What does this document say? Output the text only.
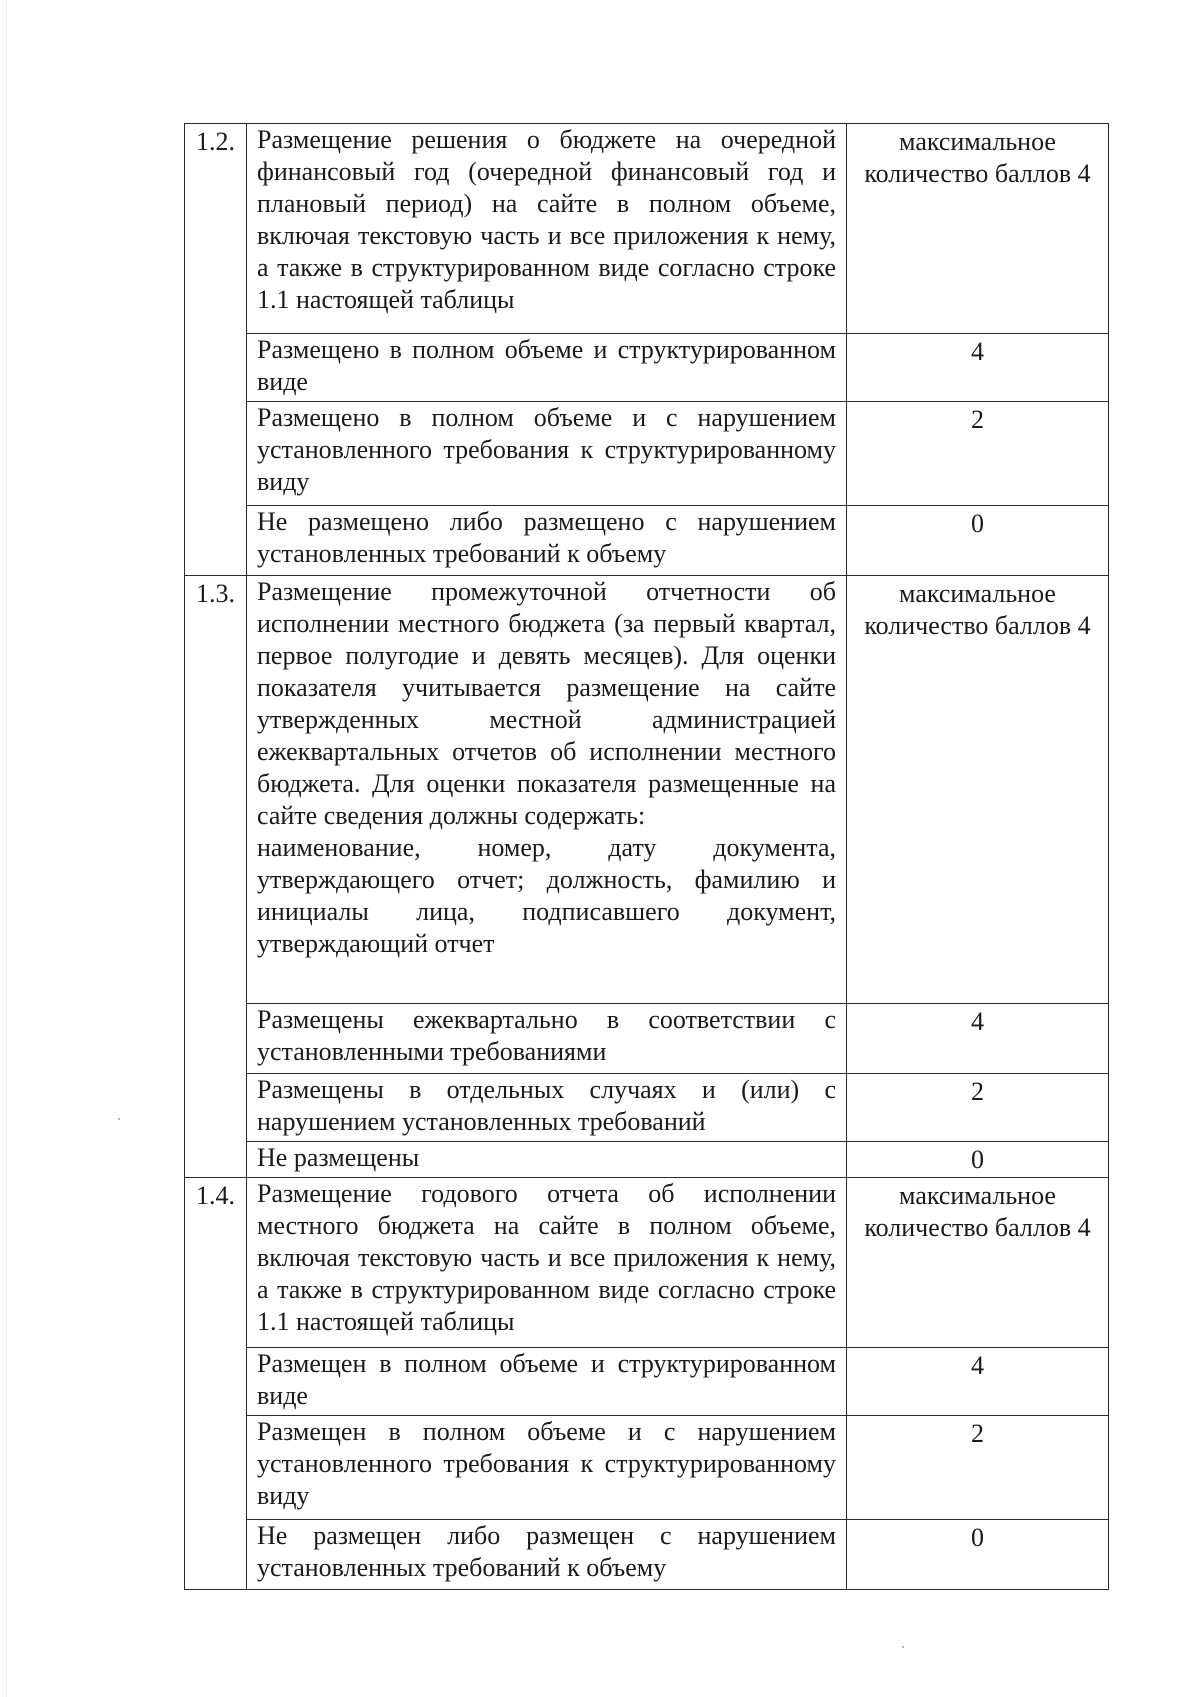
1.2.	Размещение решения о бюджете на очередной финансовый год (очередной финансовый год и плановый период) на сайте в полном объеме, включая текстовую часть и все приложения к нему, а также в структурированном виде согласно строке 1.1 настоящей таблицы	максимальное
количество баллов 4

	Размещено в полном объеме и структурированном виде	4
	Размещено в полном объеме и с нарушением установленного требования к структурированному виду	2
	Не размещено либо размещено с нарушением установленных требований к объему	0
1.3.	Размещение промежуточной отчетности об исполнении местного бюджета (за первый квартал, первое полугодие и девять месяцев). Для оценки показателя учитывается размещение на сайте утвержденных местной администрацией ежеквартальных отчетов об исполнении местного бюджета. Для оценки показателя размещенные на сайте сведения должны содержать:
наименование, номер, дату документа, утверждающего отчет; должность, фамилию и инициалы лица, подписавшего документ, утверждающий отчет	максимальное
количество баллов 4

	Размещены ежеквартально в соответствии с установленными требованиями	4
	Размещены в отдельных случаях и (или) с нарушением установленных требований	2
	Не размещены	0
1.4.	Размещение годового отчета об исполнении местного бюджета на сайте в полном объеме, включая текстовую часть и все приложения к нему, а также в структурированном виде согласно строке 1.1 настоящей таблицы	максимальное
количество баллов 4

	Размещен в полном объеме и структурированном виде	4
	Размещен в полном объеме и с нарушением установленного требования к структурированному виду	2
	Не размещен либо размещен с нарушением установленных требований к объему	0
